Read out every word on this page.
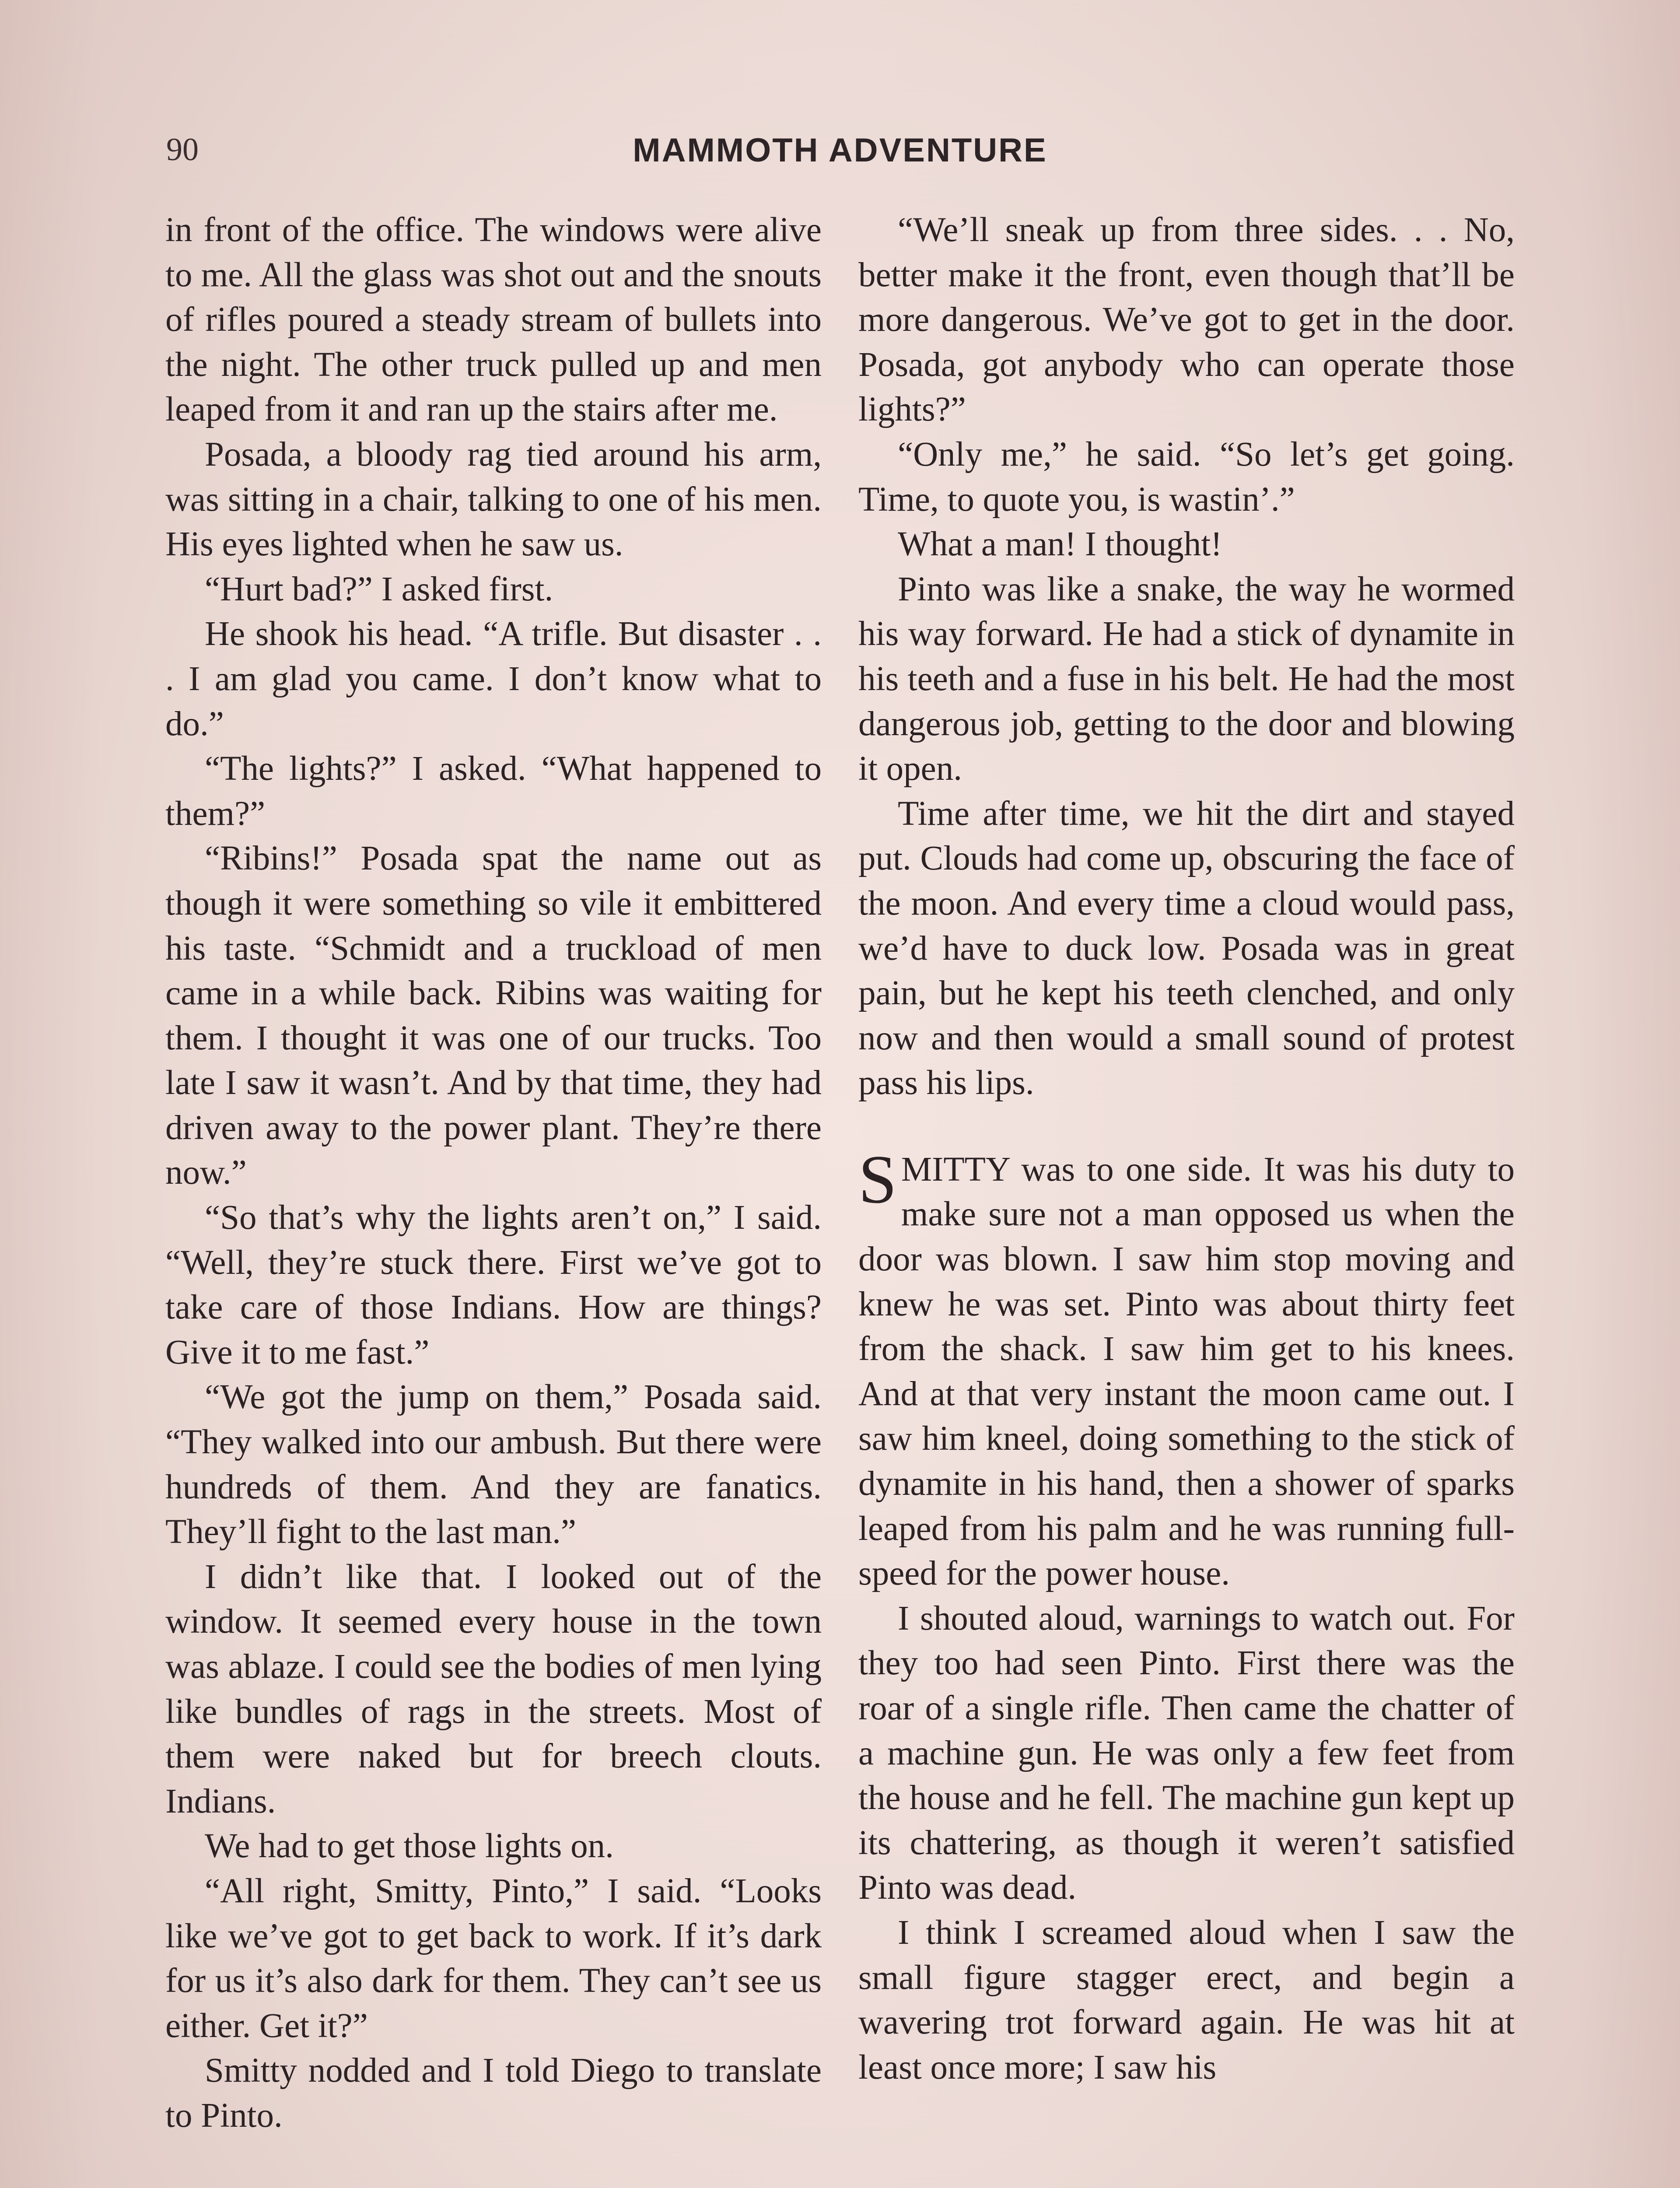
90	MAMMOTH ADVENTURE

in front of the office. The windows were alive to me. All the glass was shot out and the snouts of rifles poured a steady stream of bullets into the night. The other truck pulled up and men leaped from it and ran up the stairs after me.

Posada, a bloody rag tied around his arm, was sitting in a chair, talking to one of his men. His eyes lighted when he saw us.

“Hurt bad?” I asked first.

He shook his head. “A trifle. But disaster . . . I am glad you came. I don’t know what to do.”

“The lights?” I asked. “What happened to them?”

“Ribins!” Posada spat the name out as though it were something so vile it embittered his taste. “Schmidt and a truckload of men came in a while back. Ribins was waiting for them. I thought it was one of our trucks. Too late I saw it wasn’t. And by that time, they had driven away to the power plant. They’re there now.”

“So that’s why the lights aren’t on,” I said. “Well, they’re stuck there. First we’ve got to take care of those Indians. How are things? Give it to me fast.”

“We got the jump on them,” Posada said. “They walked into our ambush. But there were hundreds of them. And they are fanatics. They’ll fight to the last man.”

I didn’t like that. I looked out of the window. It seemed every house in the town was ablaze. I could see the bodies of men lying like bundles of rags in the streets. Most of them were naked but for breech clouts. Indians.

We had to get those lights on.

“All right, Smitty, Pinto,” I said. “Looks like we’ve got to get back to work. If it’s dark for us it’s also dark for them. They can’t see us either. Get it?”

Smitty nodded and I told Diego to translate to Pinto.

“We’ll sneak up from three sides. . . No, better make it the front, even though that’ll be more dangerous. We’ve got to get in the door. Posada, got anybody who can operate those lights?”

“Only me,” he said. “So let’s get going. Time, to quote you, is wastin’.”

What a man! I thought!

Pinto was like a snake, the way he wormed his way forward. He had a stick of dynamite in his teeth and a fuse in his belt. He had the most dangerous job, getting to the door and blowing it open.

Time after time, we hit the dirt and stayed put. Clouds had come up, obscuring the face of the moon. And every time a cloud would pass, we’d have to duck low. Posada was in great pain, but he kept his teeth clenched, and only now and then would a small sound of protest pass his lips.

SMITTY was to one side. It was his duty to make sure not a man opposed us when the door was blown. I saw him stop moving and knew he was set. Pinto was about thirty feet from the shack. I saw him get to his knees. And at that very instant the moon came out. I saw him kneel, doing something to the stick of dynamite in his hand, then a shower of sparks leaped from his palm and he was running full-speed for the power house.

I shouted aloud, warnings to watch out. For they too had seen Pinto. First there was the roar of a single rifle. Then came the chatter of a machine gun. He was only a few feet from the house and he fell. The machine gun kept up its chattering, as though it weren’t satisfied Pinto was dead.

I think I screamed aloud when I saw the small figure stagger erect, and begin a wavering trot forward again. He was hit at least once more; I saw his
